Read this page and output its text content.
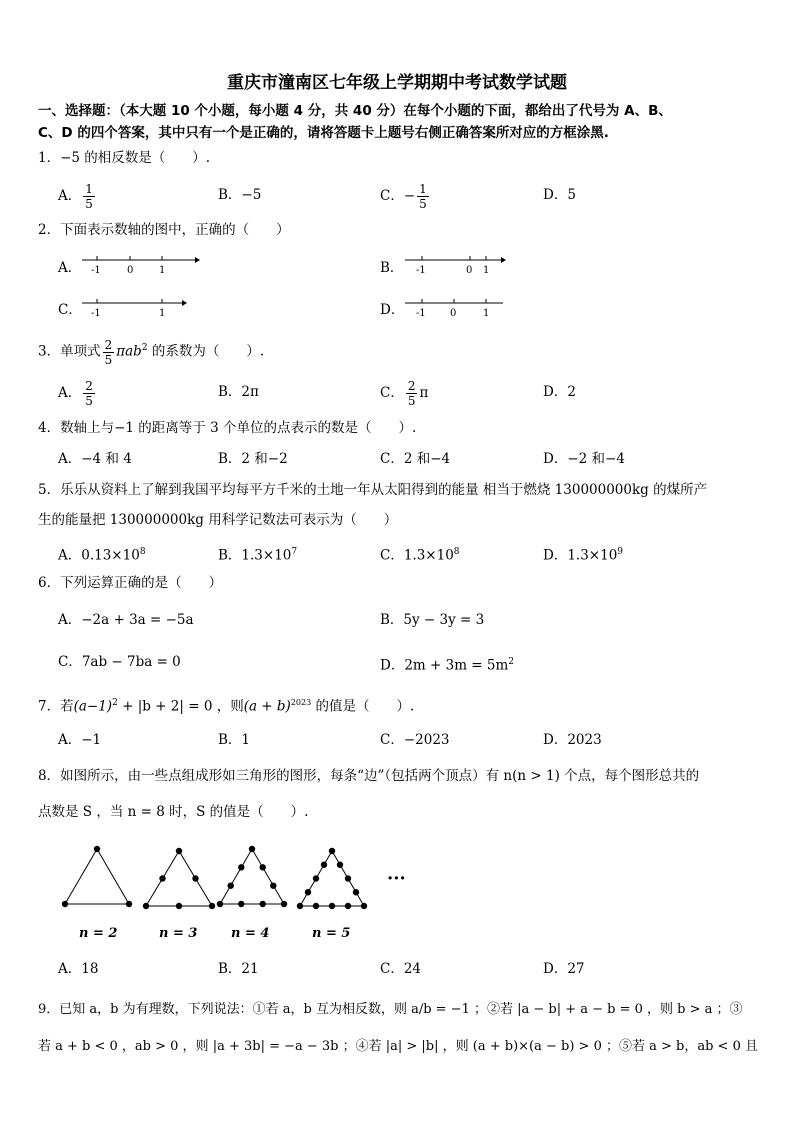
重庆市潼南区七年级上学期期中考试数学试题
一、选择题：（本大题 10 个小题，每小题 4 分，共 40 分）在每个小题的下面，都给出了代号为 A、B、
C、D 的四个答案，其中只有一个是正确的，请将答题卡上题号右侧正确答案所对应的方框涂黑.
1．−5 的相反数是（　　）.
A． $\frac{1}{5}$	B．−5	C．− $\frac{1}{5}$	D．5
2．下面表示数轴的图中，正确的（　　）
A． -1	0	1	B． -1	0 1
C． -1	1	D． -1 0	1
3．单项式 $\frac{2}{5} \pi ab^2$ 的系数为（　　）.
A． $\frac{2}{5}$	B．2π	C． $\frac{2}{5}$ π	D．2
4．数轴上与−1 的距离等于 3 个单位的点表示的数是（　　）.
A．−4 和 4	B．2 和−2	C．2 和−4	D．−2 和−4
5．乐乐从资料上了解到我国平均每平方千米的土地一年从太阳得到的能量 相当于燃烧 130000000kg 的煤所产
生的能量把 130000000kg 用科学记数法可表示为（　　）
A．$0.13\times 10^8$	B．$1.3\times 10^7$	C．$1.3\times 10^8$	D．$1.3\times 10^9$
6．下列运算正确的是（　　）
A．−2a + 3a = −5a	B．5y − 3y = 3
C．7ab − 7ba = 0	D．$2m + 3m = 5m^2$
7．若$(a-1)^2 + |b + 2| = 0$ ，则$(a + b)^{2023}$ 的值是（　　）.
A．−1	B．1	C．−2023	D．2023
8．如图所示，由一些点组成形如三角形的图形，每条“边”（包括两个顶点）有 n(n > 1) 个点，每个图形总共的
点数是 S ，当 n = 8 时，S 的值是（　　）.
···
n = 2	n = 3	n = 4	n = 5
A．18	B．21	C．24	D．27
9．已知 a，b 为有理数，下列说法：①若 a，b 互为相反数，则 a/b = −1 ；②若 |a − b| + a − b = 0 ，则 b > a ；③
若 a + b < 0 ，ab > 0 ，则 |a + 3b| = −a − 3b ；④若 |a| > |b| ，则 (a + b)×(a − b) > 0 ；⑤若 a > b，ab < 0 且
